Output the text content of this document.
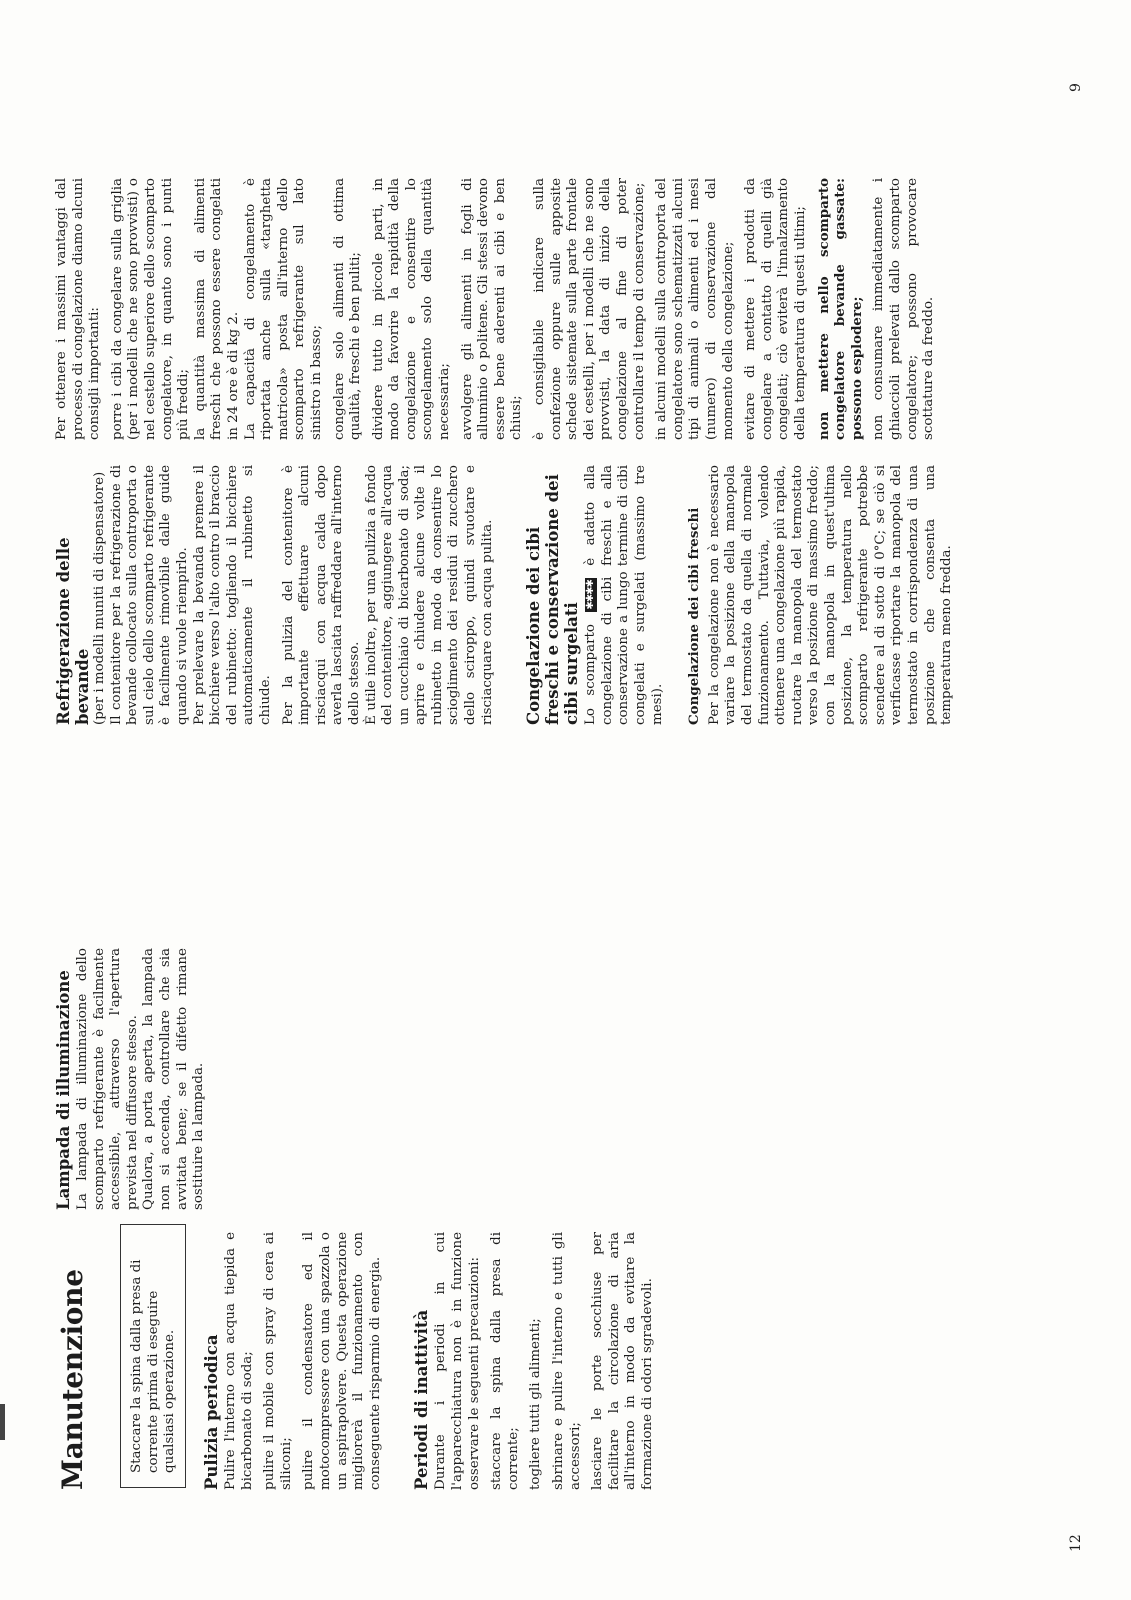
12
9
Manutenzione	Staccare la spina dalla presa di corrente prima di eseguire qualsiasi operazione.	Pulizia periodica Pulire l'interno con acqua tiepida e bicarbonato di soda; pulire il mobile con spray di cera ai siliconi; pulire il condensatore ed il motocompressore con una spazzola o un aspirapolvere. Questa operazione migliorerà il funzionamento con conseguente risparmio di energia. Periodi di inattività Durante i periodi in cui l'apparecchiatura non è in funzione osservare le seguenti precauzioni: staccare la spina dalla presa di corrente; togliere tutti gli alimenti; sbrinare e pulire l'interno e tutti gli accessori; lasciare le porte socchiuse per facilitare la circolazione di aria all'interno in modo da evitare la formazione di odori sgradevoli.

Lampada di illuminazione La lampada di illuminazione dello scomparto refrigerante è facilmente accessibile, attraverso l'apertura prevista nel diffusore stesso. Qualora, a porta aperta, la lampada non si accenda, controllare che sia avvitata bene; se il difetto rimane sostituire la lampada.

Refrigerazione delle bevande (per i modelli muniti di dispensatore) Il contenitore per la refrigerazione di bevande collocato sulla controporta o sul cielo dello scomparto refrigerante è facilmente rimovibile dalle guide quando si vuole riempirlo. Per prelevare la bevanda premere il bicchiere verso l'alto contro il braccio del rubinetto: togliendo il bicchiere automaticamente il rubinetto si chiude. Per la pulizia del contenitore è importante effettuare alcuni risciacqui con acqua calda dopo averla lasciata raffreddare all'interno dello stesso. È utile inoltre, per una pulizia a fondo del contenitore, aggiungere all'acqua un cucchiaio di bicarbonato di soda; aprire e chiudere alcune volte il rubinetto in modo da consentire lo scioglimento dei residui di zucchero dello sciroppo, quindi svuotare e risciacquare con acqua pulita. Congelazione dei cibi freschi e conservazione dei cibi surgelati Lo scomparto ✱✱✱✱ è adatto alla congelazione di cibi freschi e alla conservazione a lungo termine di cibi congelati e surgelati (massimo tre mesi). Congelazione dei cibi freschi Per la congelazione non è necessario variare la posizione della manopola del termostato da quella di normale funzionamento. Tuttavia, volendo ottenere una congelazione più rapida, ruotare la manopola del termostato verso la posizione di massimo freddo; con la manopola in quest'ultima posizione, la temperatura nello scomparto refrigerante potrebbe scendere al di sotto di 0°C; se ciò si verificasse riportare la manopola del termostato in corrispondenza di una posizione che consenta una temperatura meno fredda.

Per ottenere i massimi vantaggi dal processo di congelazione diamo alcuni consigli importanti: porre i cibi da congelare sulla griglia (per i modelli che ne sono provvisti) o nel cestello superiore dello scomparto congelatore, in quanto sono i punti più freddi; la quantità massima di alimenti freschi che possono essere congelati in 24 ore è di kg 2. La capacità di congelamento è riportata anche sulla «targhetta matricola» posta all'interno dello scomparto refrigerante sul lato sinistro in basso; congelare solo alimenti di ottima qualità, freschi e ben puliti; dividere tutto in piccole parti, in modo da favorire la rapidità della congelazione e consentire lo scongelamento solo della quantità necessaria; avvolgere gli alimenti in fogli di alluminio o politene. Gli stessi devono essere bene aderenti ai cibi e ben chiusi; è consigliabile indicare sulla confezione oppure sulle apposite schede sistemate sulla parte frontale dei cestelli, per i modelli che ne sono provvisti, la data di inizio della congelazione al fine di poter controllare il tempo di conservazione; in alcuni modelli sulla controporta del congelatore sono schematizzati alcuni tipi di animali o alimenti ed i mesi (numero) di conservazione dal momento della congelazione; evitare di mettere i prodotti da congelare a contatto di quelli già congelati; ciò eviterà l'innalzamento della temperatura di questi ultimi; non mettere nello scomparto congelatore bevande gassate: possono esplodere; non consumare immediatamente i ghiaccioli prelevati dallo scomparto congelatore; possono provocare scottature da freddo.
